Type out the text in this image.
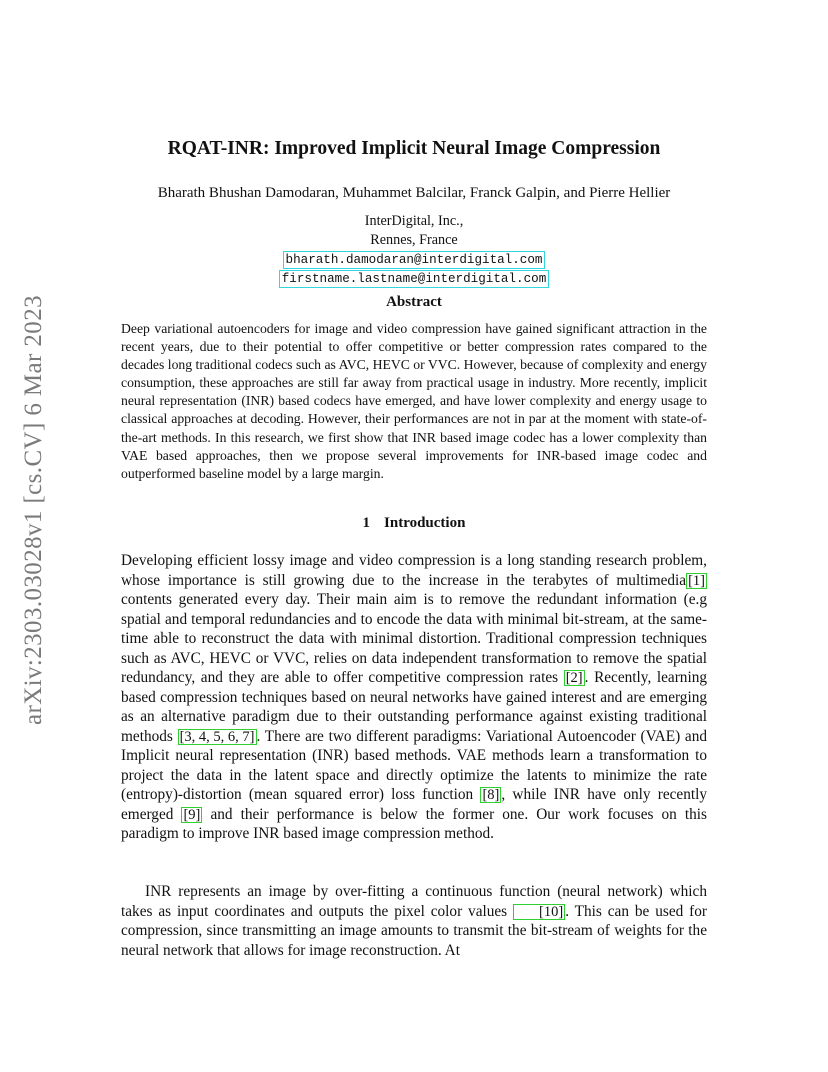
arXiv:2303.03028v1 [cs.CV] 6 Mar 2023
RQAT-INR: Improved Implicit Neural Image Compression

Bharath Bhushan Damodaran, Muhammet Balcilar, Franck Galpin, and Pierre Hellier

InterDigital, Inc.,
Rennes, France
bharath.damodaran@interdigital.com
firstname.lastname@interdigital.com
Abstract

Deep variational autoencoders for image and video compression have gained significant attraction in the recent years, due to their potential to offer competitive or better compression rates compared to the decades long traditional codecs such as AVC, HEVC or VVC. However, because of complexity and energy consumption, these approaches are still far away from practical usage in industry. More recently, implicit neural representation (INR) based codecs have emerged, and have lower complexity and energy usage to classical approaches at decoding. However, their performances are not in par at the moment with state-of-the-art methods. In this research, we first show that INR based image codec has a lower complexity than VAE based approaches, then we propose several improvements for INR-based image codec and outperformed baseline model by a large margin.

1 Introduction

Developing efficient lossy image and video compression is a long standing research problem, whose importance is still growing due to the increase in the terabytes of multimedia [1] contents generated every day. Their main aim is to remove the redundant information (e.g spatial and temporal redundancies and to encode the data with minimal bit-stream, at the same-time able to reconstruct the data with minimal distortion. Traditional compression techniques such as AVC, HEVC or VVC, relies on data independent transformation to remove the spatial redundancy, and they are able to offer competitive compression rates [2] . Recently, learning based compression techniques based on neural networks have gained interest and are emerging as an alternative paradigm due to their outstanding performance against existing traditional methods [3, 4, 5, 6, 7] . There are two different paradigms: Variational Autoencoder (VAE) and Implicit neural representation (INR) based methods. VAE methods learn a transformation to project the data in the latent space and directly optimize the latents to minimize the rate (entropy)-distortion (mean squared error) loss function [8] , while INR have only recently emerged [9] and their performance is below the former one. Our work focuses on this paradigm to improve INR based image compression method.

INR represents an image by over-fitting a continuous function (neural network) which takes as input coordinates and outputs the pixel color values [10] . This can be used for compression, since transmitting an image amounts to transmit the bit-stream of weights for the neural network that allows for image reconstruction. At
